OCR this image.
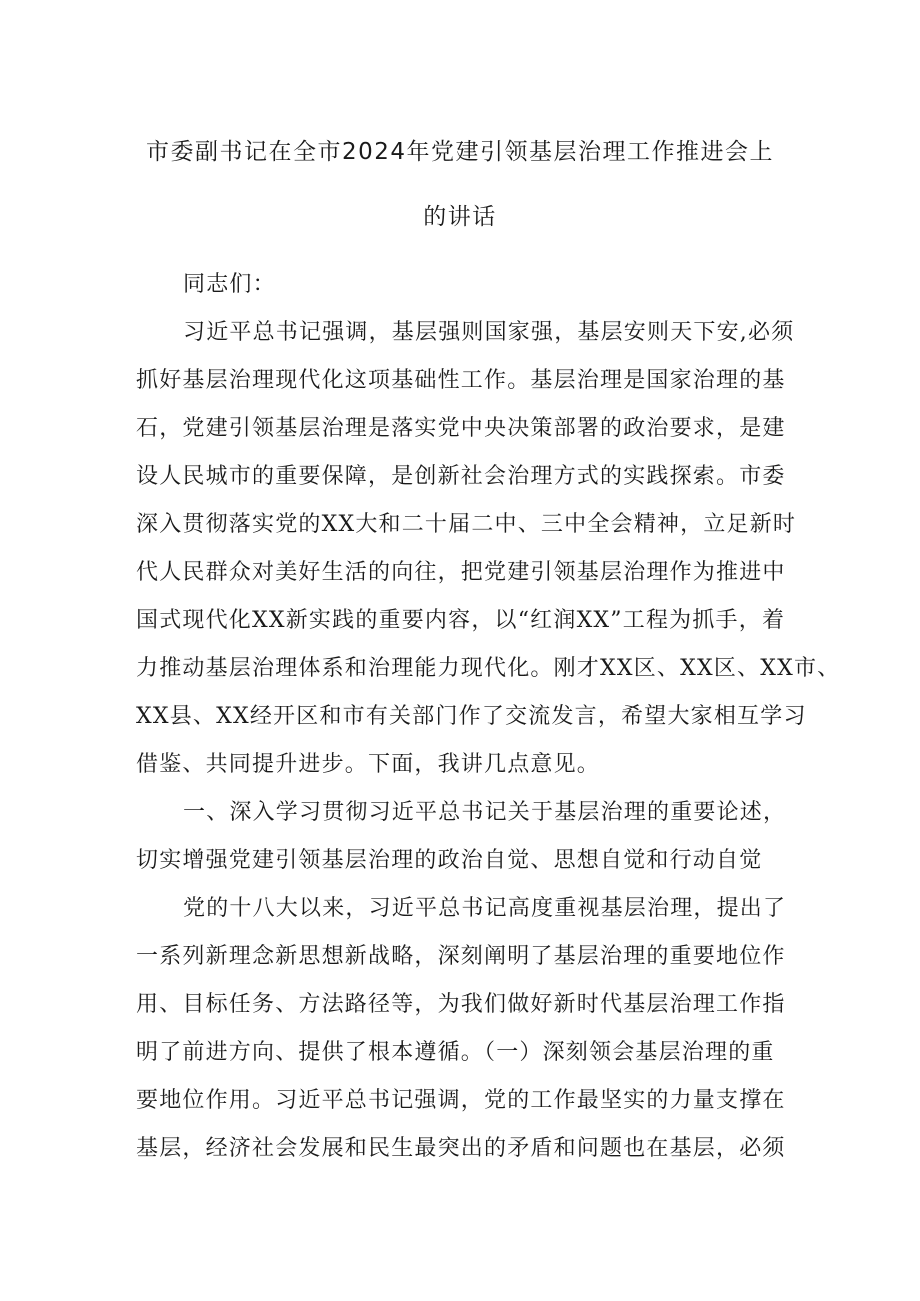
市委副书记在全市2024年党建引领基层治理工作推进会上
的讲话
同志们：
习近平总书记强调，基层强则国家强，基层安则天下安,必须
抓好基层治理现代化这项基础性工作。基层治理是国家治理的基
石，党建引领基层治理是落实党中央决策部署的政治要求，是建
设人民城市的重要保障，是创新社会治理方式的实践探索。市委
深入贯彻落实党的XX大和二十届二中、三中全会精神，立足新时
代人民群众对美好生活的向往，把党建引领基层治理作为推进中
国式现代化XX新实践的重要内容，以“红润XX”工程为抓手，着
力推动基层治理体系和治理能力现代化。刚才XX区、XX区、XX市、
XX县、XX经开区和市有关部门作了交流发言，希望大家相互学习
借鉴、共同提升进步。下面，我讲几点意见。
一、深入学习贯彻习近平总书记关于基层治理的重要论述，
切实增强党建引领基层治理的政治自觉、思想自觉和行动自觉
党的十八大以来，习近平总书记高度重视基层治理，提出了
一系列新理念新思想新战略，深刻阐明了基层治理的重要地位作
用、目标任务、方法路径等，为我们做好新时代基层治理工作指
明了前进方向、提供了根本遵循。（一）深刻领会基层治理的重
要地位作用。习近平总书记强调，党的工作最坚实的力量支撑在
基层，经济社会发展和民生最突出的矛盾和问题也在基层，必须
